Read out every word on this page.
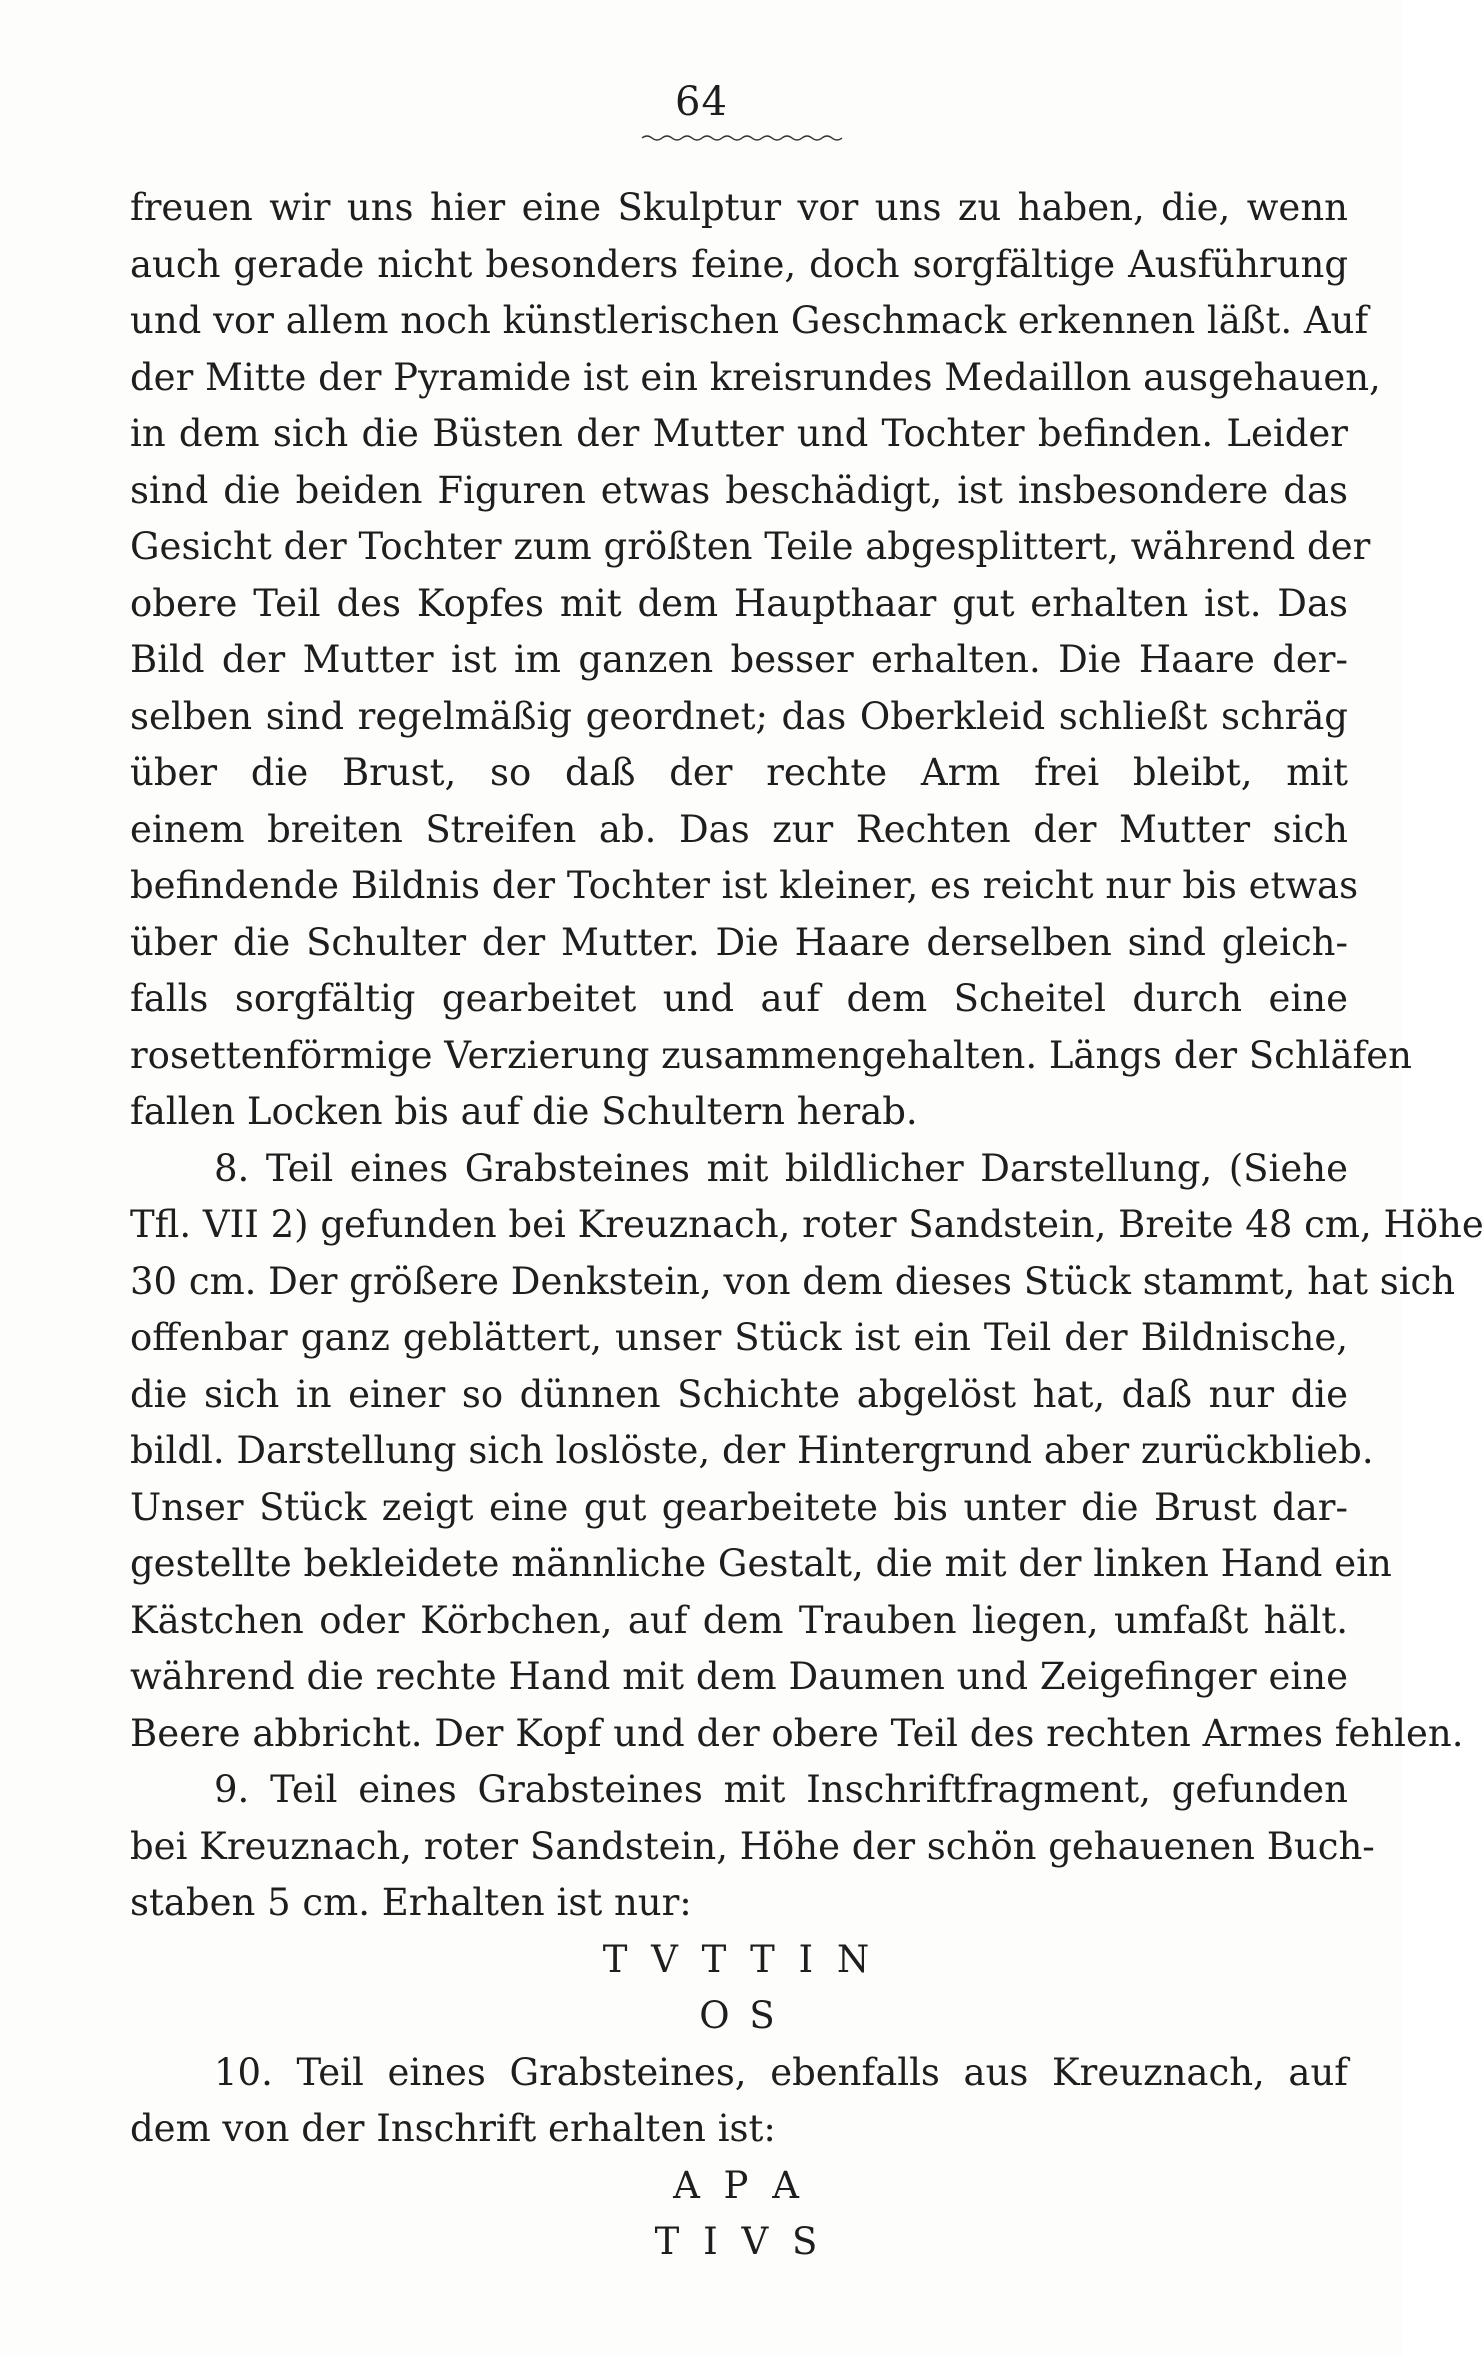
64
freuen wir uns hier eine Skulptur vor uns zu haben, die, wenn
auch gerade nicht besonders feine, doch sorgfältige Ausführung
und vor allem noch künstlerischen Geschmack erkennen läßt. Auf
der Mitte der Pyramide ist ein kreisrundes Medaillon ausgehauen,
in dem sich die Büsten der Mutter und Tochter befinden. Leider
sind die beiden Figuren etwas beschädigt, ist insbesondere das
Gesicht der Tochter zum größten Teile abgesplittert, während der
obere Teil des Kopfes mit dem Haupthaar gut erhalten ist. Das
Bild der Mutter ist im ganzen besser erhalten. Die Haare der-
selben sind regelmäßig geordnet; das Oberkleid schließt schräg
über die Brust, so daß der rechte Arm frei bleibt, mit
einem breiten Streifen ab. Das zur Rechten der Mutter sich
befindende Bildnis der Tochter ist kleiner, es reicht nur bis etwas
über die Schulter der Mutter. Die Haare derselben sind gleich-
falls sorgfältig gearbeitet und auf dem Scheitel durch eine
rosettenförmige Verzierung zusammengehalten. Längs der Schläfen
fallen Locken bis auf die Schultern herab.
8. Teil eines Grabsteines mit bildlicher Darstellung, (Siehe
Tfl. VII 2) gefunden bei Kreuznach, roter Sandstein, Breite 48 cm, Höhe
30 cm. Der größere Denkstein, von dem dieses Stück stammt, hat sich
offenbar ganz geblättert, unser Stück ist ein Teil der Bildnische,
die sich in einer so dünnen Schichte abgelöst hat, daß nur die
bildl. Darstellung sich loslöste, der Hintergrund aber zurückblieb.
Unser Stück zeigt eine gut gearbeitete bis unter die Brust dar-
gestellte bekleidete männliche Gestalt, die mit der linken Hand ein
Kästchen oder Körbchen, auf dem Trauben liegen, umfaßt hält.
während die rechte Hand mit dem Daumen und Zeigefinger eine
Beere abbricht. Der Kopf und der obere Teil des rechten Armes fehlen.
9. Teil eines Grabsteines mit Inschriftfragment, gefunden
bei Kreuznach, roter Sandstein, Höhe der schön gehauenen Buch-
staben 5 cm. Erhalten ist nur:
T V T T I N
O S
10. Teil eines Grabsteines, ebenfalls aus Kreuznach, auf
dem von der Inschrift erhalten ist:
A P A
T I V S
